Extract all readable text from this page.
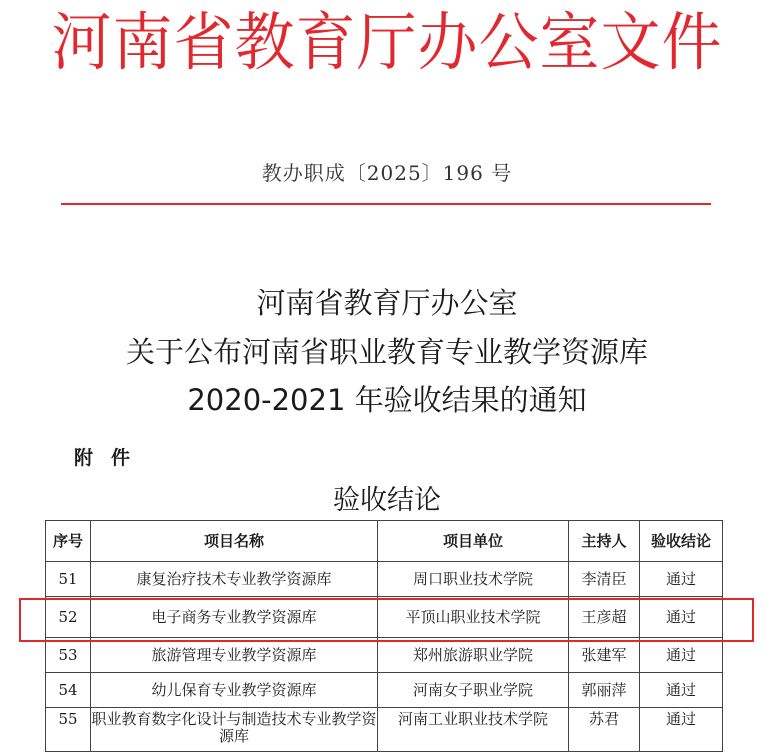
河南省教育厅办公室文件
教办职成〔2025〕196 号
河南省教育厅办公室
关于公布河南省职业教育专业教学资源库
2020-2021 年验收结果的通知
附件
验收结论
序号	项目名称	项目单位	主持人	验收结论
51	康复治疗技术专业教学资源库	周口职业技术学院	李清臣	通过
52	电子商务专业教学资源库	平顶山职业技术学院	王彦超	通过
53	旅游管理专业教学资源库	郑州旅游职业学院	张建军	通过
54	幼儿保育专业教学资源库	河南女子职业学院	郭丽萍	通过
55	职业教育数字化设计与制造技术专业教学资源库	河南工业职业技术学院	苏君	通过
